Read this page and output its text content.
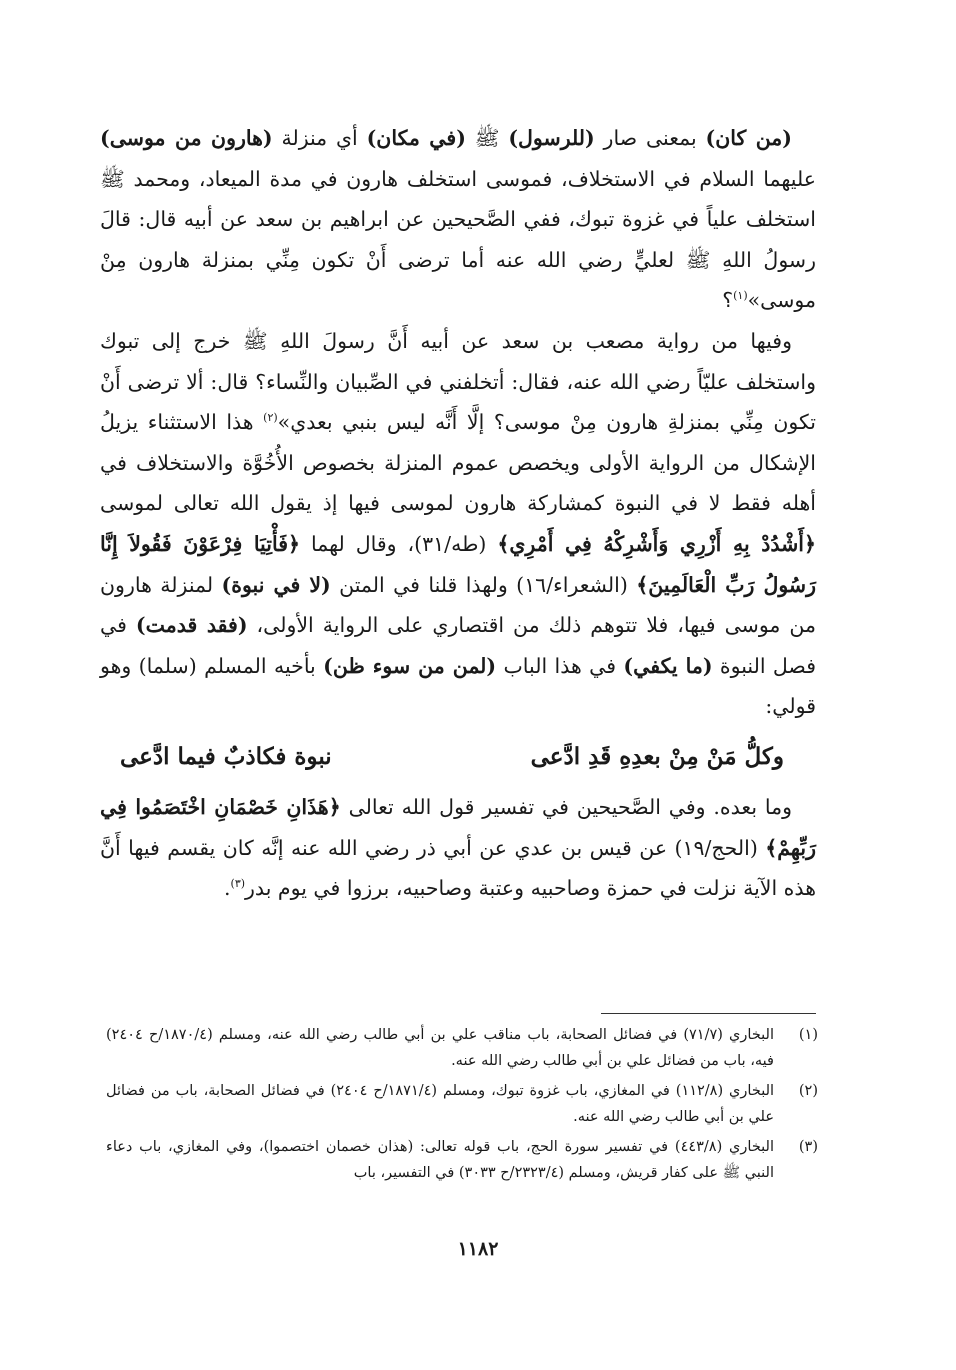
(من كان) بمعنى صار (للرسول) ﷺ (في مكان) أي منزلة (هارون من موسى) عليهما السلام في الاستخلاف، فموسى استخلف هارون في مدة الميعاد، ومحمد ﷺ استخلف علياً في غزوة تبوك، ففي الصَّحيحين عن ابراهيم بن سعد عن أبيه قال: قالَ رسولُ اللهِ ﷺ لعليٍّ رضي الله عنه أما ترضى أَنْ تكون مِنِّي بمنزلة هارون مِنْ موسى»$^{(١)}$؟

وفيها من رواية مصعب بن سعد عن أبيه أَنَّ رسولَ اللهِ ﷺ خرج إلى تبوك واستخلف عليّاً رضي الله عنه، فقال: أتخلفني في الصِّبيان والنِّساء؟ قال: ألا ترضى أَنْ تكون مِنِّي بمنزلةِ هارون مِنْ موسى؟ إلَّا أَنَّه ليس بنبي بعدي»$^{(٢)}$ هذا الاستثناء يزيلُ الإشكال من الرواية الأولى ويخصص عموم المنزلة بخصوص الأُخُوَّة والاستخلاف في أهله فقط لا في النبوة كمشاركة هارون لموسى فيها إذ يقول الله تعالى لموسى ﴿أَشْدُدْ بِهِ أَزْرِي وَأَشْرِكْهُ فِي أَمْرِي﴾ (طه/٣١)، وقال لهما ﴿فَأْتِيَا فِرْعَوْنَ فَقُولاَ إِنَّا رَسُولُ رَبِّ الْعَالَمِينَ﴾ (الشعراء/١٦) ولهذا قلنا في المتن (لا في نبوة) لمنزلة هارون من موسى فيها، فلا تتوهم ذلك من اقتصاري على الرواية الأولى، (فقد قدمت) في فصل النبوة (ما يكفي) في هذا الباب (لمن من سوء ظن) بأخيه المسلم (سلما) وهو قولي:

وكلُّ مَنْ مِنْ بعدِهِ قَدِ ادَّعى
نبوة فكاذبٌ فيما ادَّعى

وما بعده. وفي الصَّحيحين في تفسير قول الله تعالى ﴿هَذَانِ خَصْمَانِ اخْتَصَمُوا فِي رَبِّهِمْ﴾ (الحج/١٩) عن قيس بن عدي عن أبي ذر رضي الله عنه إنَّه كان يقسم فيها أَنَّ هذه الآية نزلت في حمزة وصاحبيه وعتبة وصاحبيه، برزوا في يوم بدر$^{(٣)}$.

(١)
البخاري (٧١/٧) في فضائل الصحابة، باب مناقب علي بن أبي طالب رضي الله عنه، ومسلم (١٨٧٠/٤/ح ٢٤٠٤) فيه، باب من فضائل علي بن أبي طالب رضي الله عنه.
(٢)
البخاري (١١٢/٨) في المغازي، باب غزوة تبوك، ومسلم (١٨٧١/٤/ح ٢٤٠٤) في فضائل الصحابة، باب من فضائل علي بن أبي طالب رضي الله عنه.
(٣)
البخاري (٤٤٣/٨) في تفسير سورة الحج، باب قوله تعالى: (هذان خصمان اختصموا)، وفي المغازي، باب دعاء النبي ﷺ على كفار قريش، ومسلم (٢٣٢٣/٤/ح ٣٠٣٣) في التفسير، باب
١١٨٢
